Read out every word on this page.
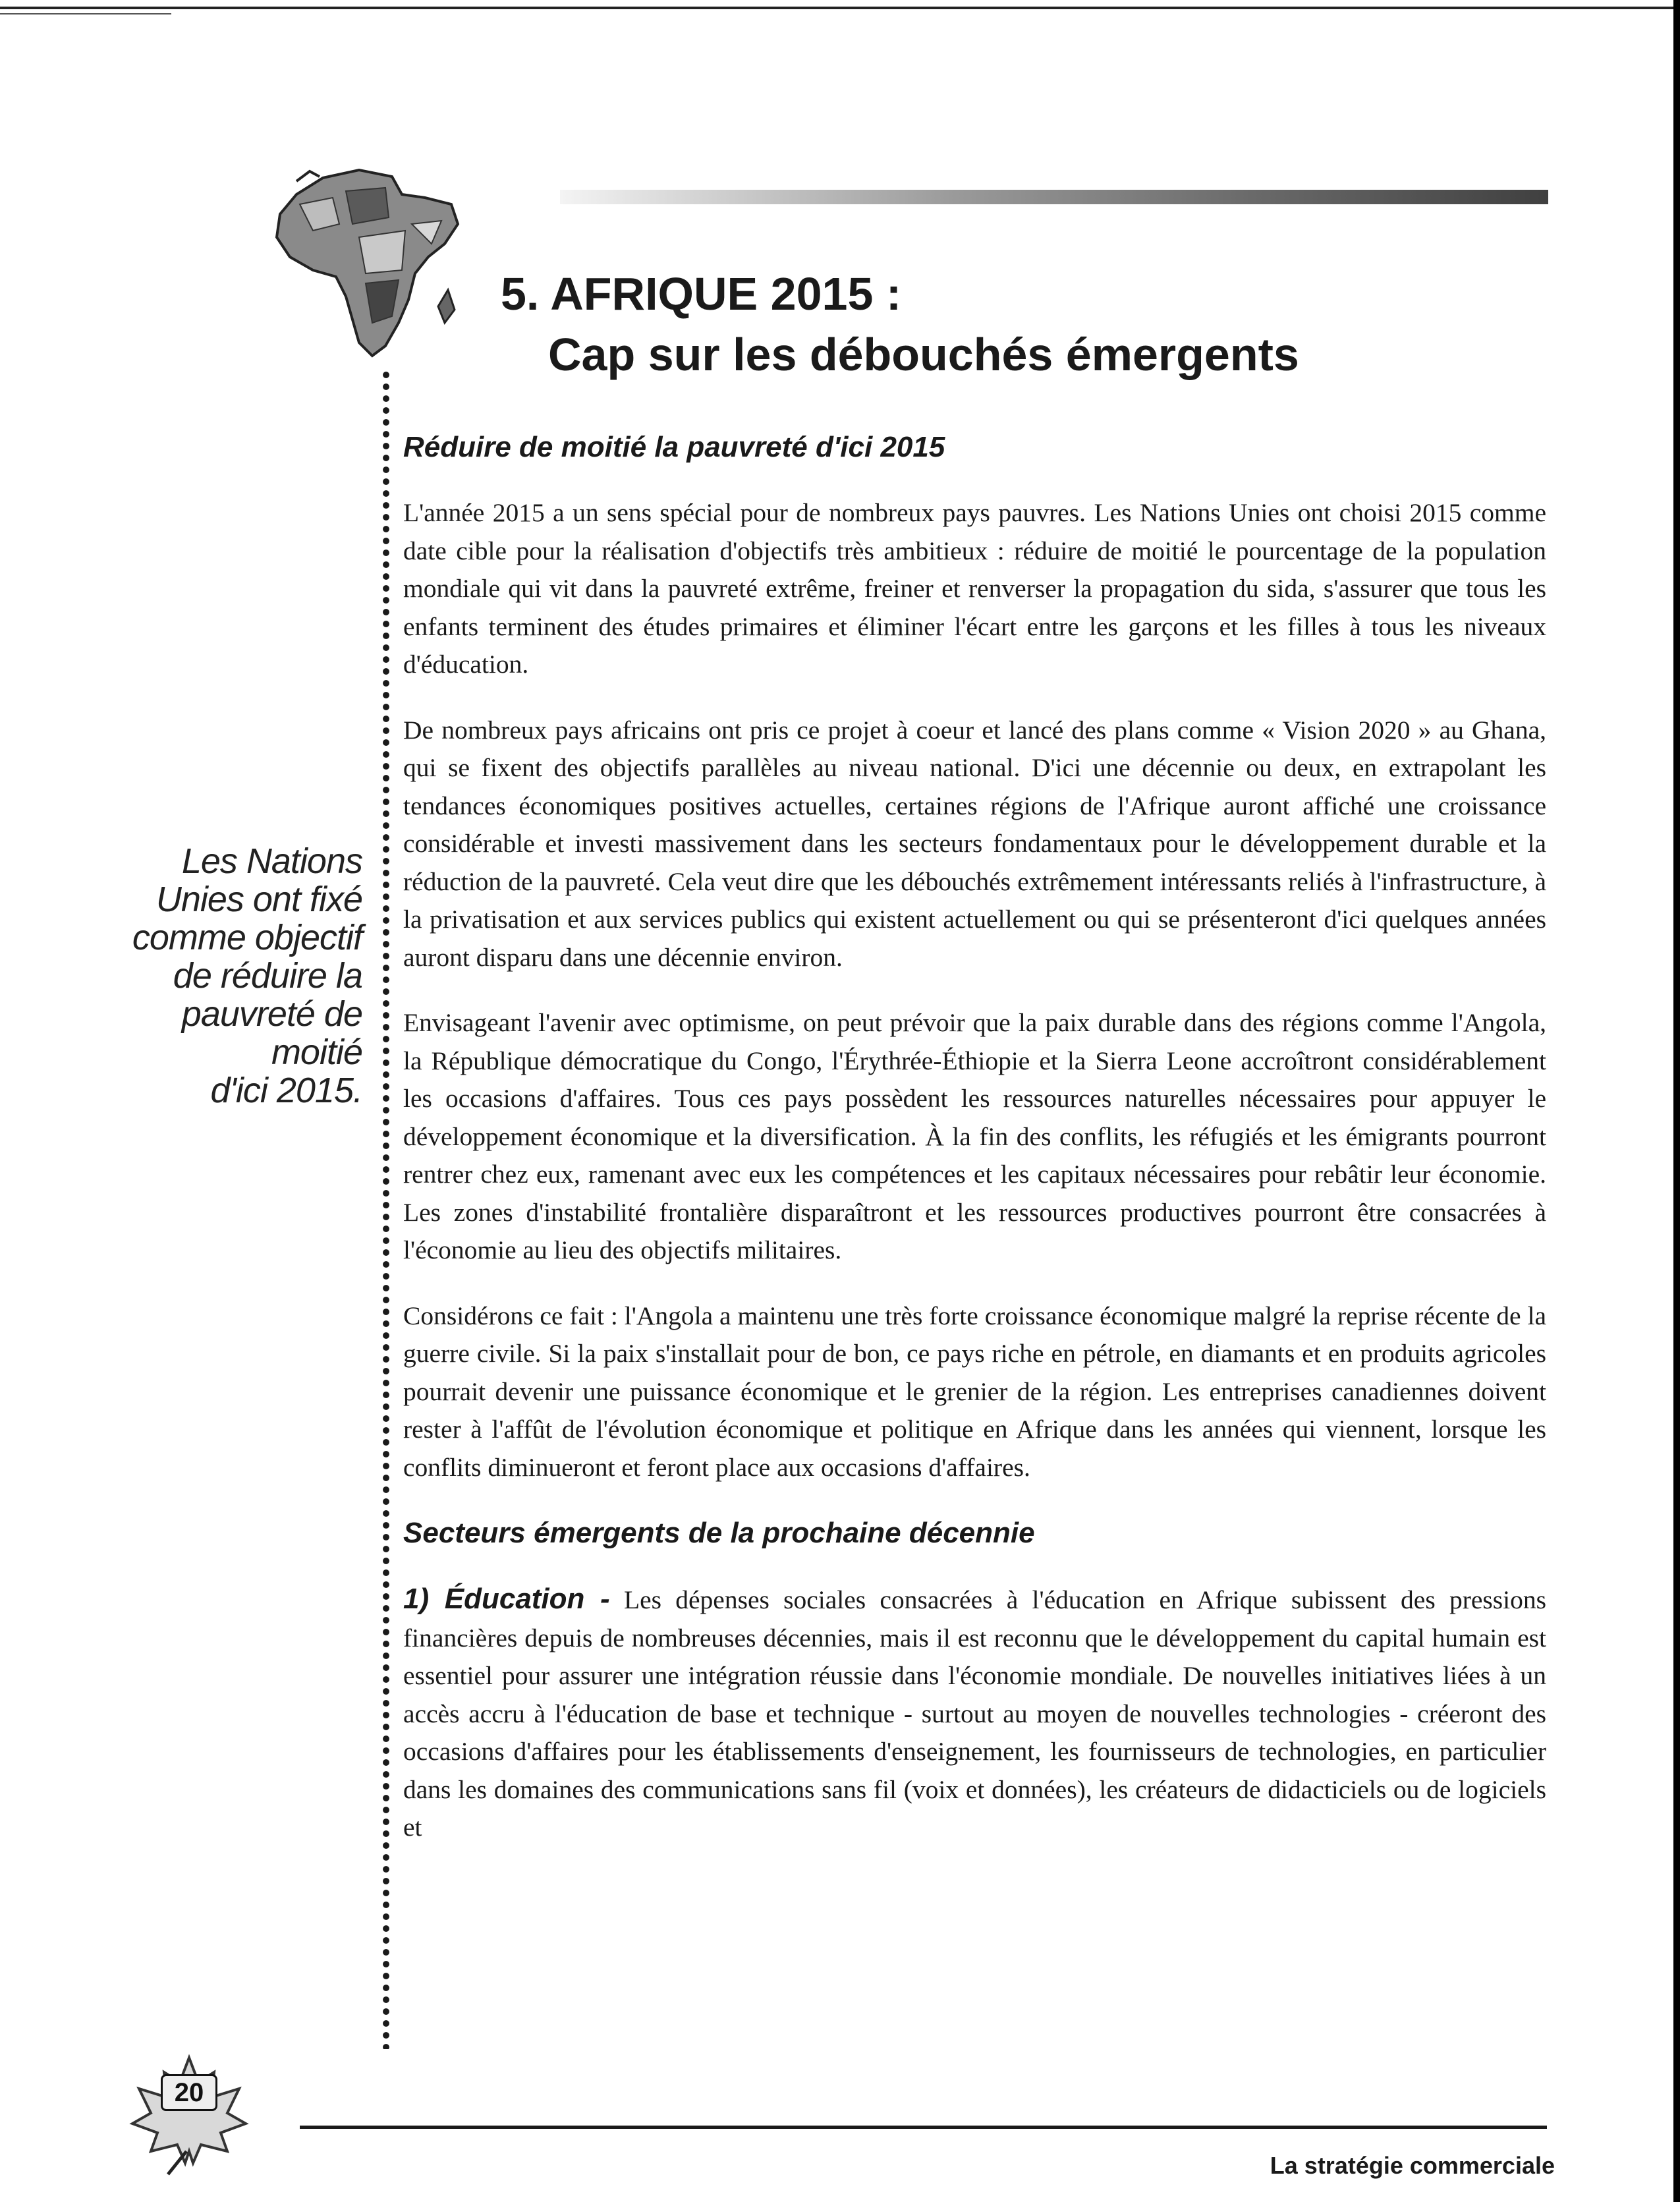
5. AFRIQUE 2015 :
Cap sur les débouchés émergents
Les Nations
Unies ont fixé
comme objectif
de réduire la
pauvreté de
moitié
d'ici 2015.
Réduire de moitié la pauvreté d'ici 2015

L'année 2015 a un sens spécial pour de nombreux pays pauvres. Les Nations Unies ont choisi 2015 comme date cible pour la réalisation d'objectifs très ambitieux : réduire de moitié le pourcentage de la population mondiale qui vit dans la pauvreté extrême, freiner et renverser la propagation du sida, s'assurer que tous les enfants terminent des études primaires et éliminer l'écart entre les garçons et les filles à tous les niveaux d'éducation.

De nombreux pays africains ont pris ce projet à coeur et lancé des plans comme « Vision 2020 » au Ghana, qui se fixent des objectifs parallèles au niveau national. D'ici une décennie ou deux, en extrapolant les tendances économiques positives actuelles, certaines régions de l'Afrique auront affiché une croissance considérable et investi massivement dans les secteurs fondamentaux pour le développement durable et la réduction de la pauvreté. Cela veut dire que les débouchés extrêmement intéressants reliés à l'infrastructure, à la privatisation et aux services publics qui existent actuellement ou qui se présenteront d'ici quelques années auront disparu dans une décennie environ.

Envisageant l'avenir avec optimisme, on peut prévoir que la paix durable dans des régions comme l'Angola, la République démocratique du Congo, l'Érythrée-Éthiopie et la Sierra Leone accroîtront considérablement les occasions d'affaires. Tous ces pays possèdent les ressources naturelles nécessaires pour appuyer le développement économique et la diversification. À la fin des conflits, les réfugiés et les émigrants pourront rentrer chez eux, ramenant avec eux les compétences et les capitaux nécessaires pour rebâtir leur économie. Les zones d'instabilité frontalière disparaîtront et les ressources productives pourront être consacrées à l'économie au lieu des objectifs militaires.

Considérons ce fait : l'Angola a maintenu une très forte croissance économique malgré la reprise récente de la guerre civile. Si la paix s'installait pour de bon, ce pays riche en pétrole, en diamants et en produits agricoles pourrait devenir une puissance économique et le grenier de la région. Les entreprises canadiennes doivent rester à l'affût de l'évolution économique et politique en Afrique dans les années qui viennent, lorsque les conflits diminueront et feront place aux occasions d'affaires.

Secteurs émergents de la prochaine décennie

1) Éducation - Les dépenses sociales consacrées à l'éducation en Afrique subissent des pressions financières depuis de nombreuses décennies, mais il est reconnu que le développement du capital humain est essentiel pour assurer une intégration réussie dans l'économie mondiale. De nouvelles initiatives liées à un accès accru à l'éducation de base et technique - surtout au moyen de nouvelles technologies - créeront des occasions d'affaires pour les établissements d'enseignement, les fournisseurs de technologies, en particulier dans les domaines des communications sans fil (voix et données), les créateurs de didacticiels ou de logiciels et

20
La stratégie commerciale
